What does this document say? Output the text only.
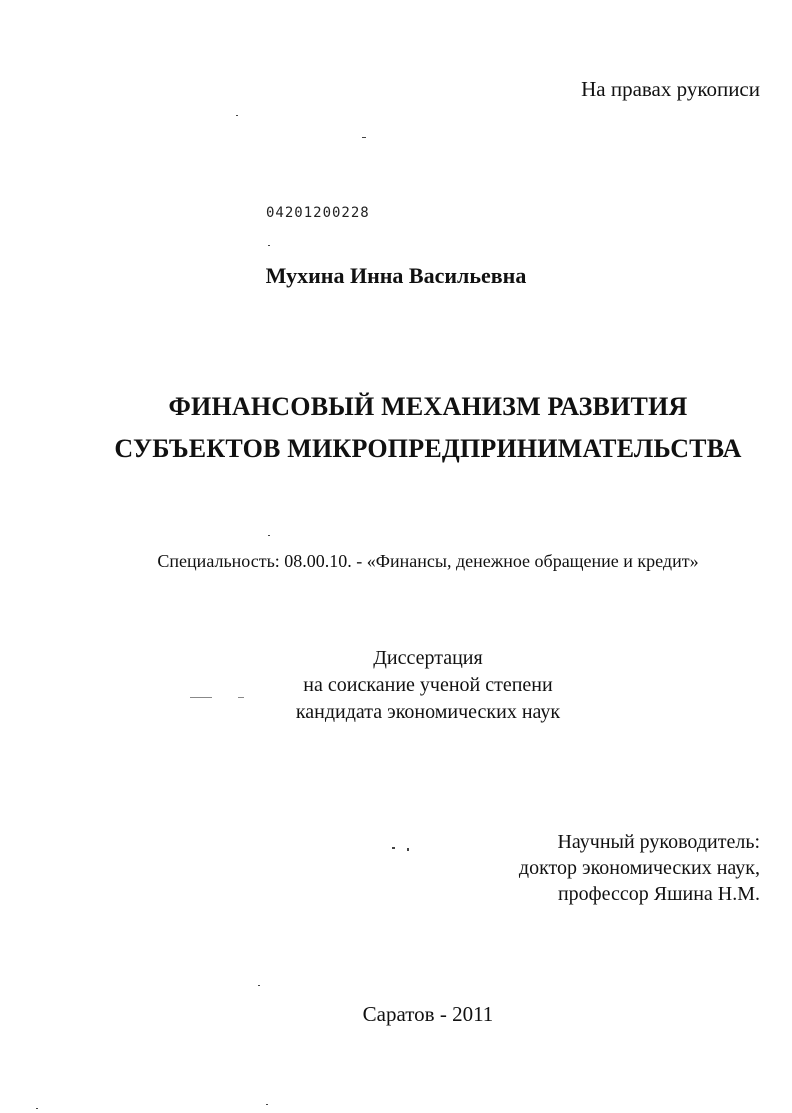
На правах рукописи
04201200228
Мухина Инна Васильевна
ФИНАНСОВЫЙ МЕХАНИЗМ РАЗВИТИЯ
СУБЪЕКТОВ МИКРОПРЕДПРИНИМАТЕЛЬСТВА
Специальность: 08.00.10. - «Финансы, денежное обращение и кредит»
Диссертация
на соискание ученой степени
кандидата экономических наук
Научный руководитель:
доктор экономических наук,
профессор Яшина Н.М.
Саратов - 2011
